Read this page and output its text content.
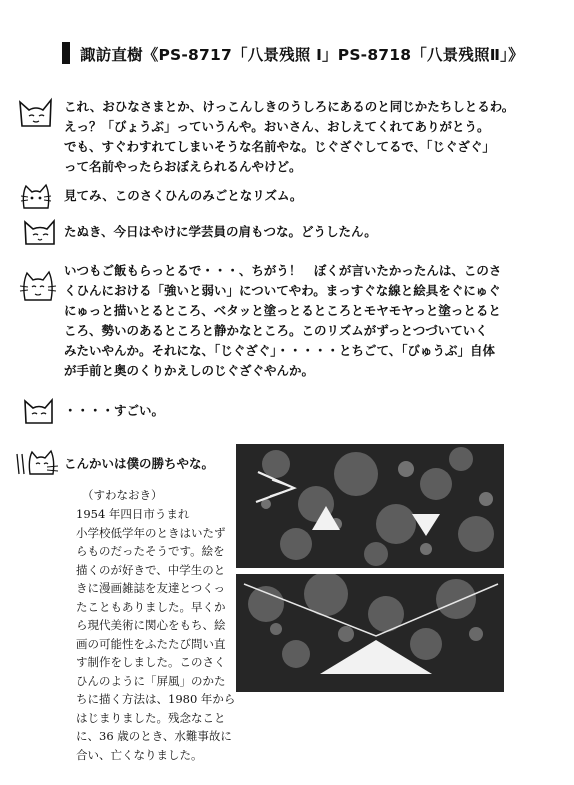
諏訪直樹《PS-8717「八景残照 Ⅰ」PS-8718「八景残照Ⅱ」》
これ、おひなさまとか、けっこんしきのうしろにあるのと同じかたちしとるわ。
えっ？「びょうぶ」っていうんや。おいさん、おしえてくれてありがとう。
でも、すぐわすれてしまいそうな名前やな。じぐざぐしてるで、「じぐざぐ」
って名前やったらおぼえられるんやけど。
見てみ、このさくひんのみごとなリズム。
たぬき、今日はやけに学芸員の肩もつな。どうしたん。
いつもご飯もらっとるで・・・、ちがう！　ぼくが言いたかったんは、このさ
くひんにおける「強いと弱い」についてやわ。まっすぐな線と絵具をぐにゅぐ
にゅっと描いとるところ、ベタッと塗っとるところとモヤモヤっと塗っとると
ころ、勢いのあるところと静かなところ。このリズムがずっとつづいていく
みたいやんか。それにな、「じぐざぐ」・・・・・とちごて、「びゅうぶ」自体
が手前と奥のくりかえしのじぐざぐやんか。
・・・・すごい。
こんかいは僕の勝ちやな。
（すわなおき）
1954 年四日市うまれ
小学校低学年のときはいたず
らものだったそうです。絵を
描くのが好きで、中学生のと
きに漫画雑誌を友達とつくっ
たこともありました。早くか
ら現代美術に関心をもち、絵
画の可能性をふたたび問い直
す制作をしました。このさく
ひんのように「屏風」のかた
ちに描く方法は、1980 年から
はじまりました。残念なこと
に、36 歳のとき、水難事故に
合い、亡くなりました。
